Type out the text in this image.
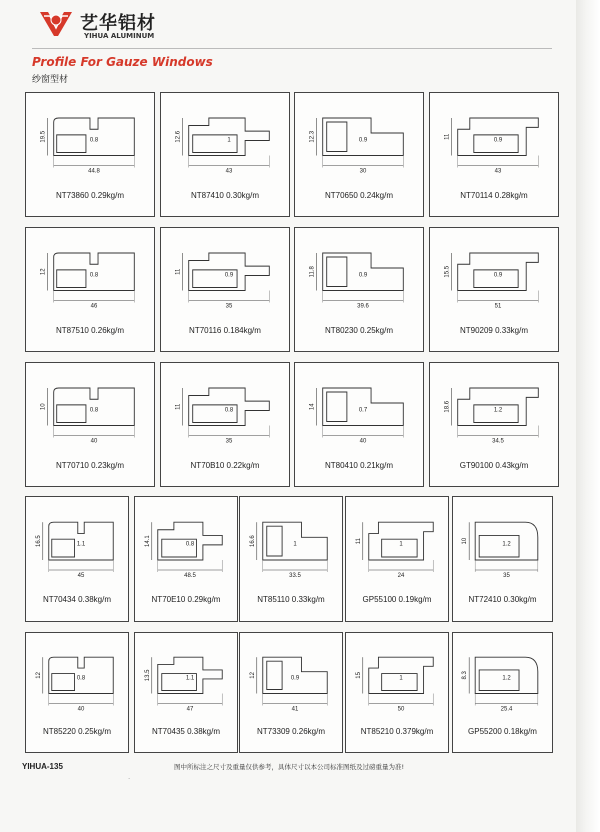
艺华铝材
YIHUA ALUMINUM
Profile For Gauze Windows
纱窗型材
19.5	0.8
44.8
NT73860 0.29kg/m
12.6	1
43
NT87410 0.30kg/m
12.3	0.9
30
NT70650 0.24kg/m
11
0.9
43
NT70114 0.28kg/m
12
0.8
46
NT87510 0.26kg/m
11
0.9
35
NT70116 0.184kg/m
11.8	0.9
39.6
NT80230 0.25kg/m
15.5	0.9
51
NT90209 0.33kg/m
10
0.8
40
NT70710 0.23kg/m
11
0.8
35
NT70B10 0.22kg/m
14
0.7
40
NT80410 0.21kg/m
18.6	1.2
34.5
GT90100 0.43kg/m
16.5	1.1
45
NT70434 0.38kg/m
14.1	0.8
48.5
NT70E10 0.29kg/m
16.6	1
33.5
NT85110 0.33kg/m
11
1
24
GP55100 0.19kg/m
10
1.2
35
NT72410 0.30kg/m
12
0.8
40
NT85220 0.25kg/m
13.5	1.1
47
NT70435 0.38kg/m
12
0.9
41
NT73309 0.26kg/m
15
1
50
NT85210 0.379kg/m
8.3	1.2
25.4
GP55200 0.18kg/m
YIHUA-135	图中所标注之尺寸及重量仅供参考，具体尺寸以本公司标准图纸及过磅重量为准!
·
